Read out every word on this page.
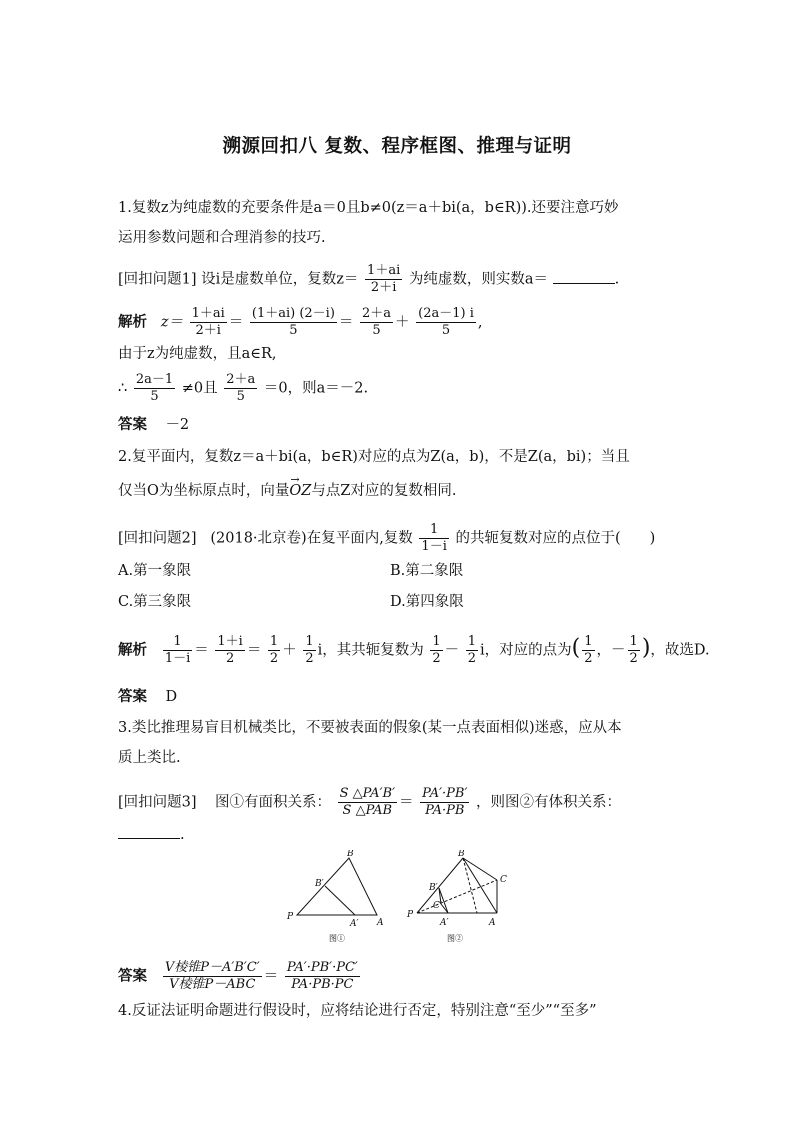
溯源回扣八 复数、程序框图、推理与证明
1.复数z为纯虚数的充要条件是a＝0且b≠0(z＝a＋bi(a，b∈R)).还要注意巧妙
运用参数问题和合理消参的技巧.
[回扣问题1] 设i是虚数单位，复数$z= \frac{1+ai}{2+i}$ 为纯虚数，则实数a＝	.
解析 $z= \frac{1+ai}{2+i} = \frac{(1+ai) (2-i)}{5} = \frac{2+a}{5} + \frac{(2a-1) i}{5}$ ,
由于z为纯虚数，且a∈R,
∴ $\frac{2a-1}{5} \ne 0$且 $\frac{2+a}{5} =0$，则a＝－2.
答案 －2
2.复平面内，复数z＝a＋bi(a，b∈R)对应的点为Z(a，b)，不是Z(a，bi)；当且
仅当O为坐标原点时，向量→ OZ与点Z对应的复数相同.
[回扣问题2] (2018·北京卷)在复平面内,复数 $\frac{1}{1-i}$ 的共轭复数对应的点位于(　　)
A.第一象限	B.第二象限
C.第三象限	D.第四象限
解析 $\frac{1}{1-i} = \frac{1+i}{2} = \frac{1}{2} + \frac{1}{2}$ i，其共轭复数为 $\frac{1}{2} - \frac{1}{2}$ i，对应的点为( $\frac{1}{2}$ ，－ $\frac{1}{2}$ )，故选D.
答案 D
3.类比推理易盲目机械类比，不要被表面的假象(某一点表面相似)迷惑，应从本
质上类比.
[回扣问题3] 图①有面积关系： $\frac{S \triangle PA'B'}{\text{S △PAB}} = \frac{PA'\cdot PB'}{PA\cdot PB}$ ，则图②有体积关系：
.
P
A
B
A′
B′
图①
P
A
B
C
A′
B′
C′
图②
答案 $\frac{\text{V棱锥P－A′B′C′}}{\text{V棱锥P－ABC}} = \frac{PA'\cdot PB'\cdot PC'}{PA\cdot PB\cdot PC}$
4.反证法证明命题进行假设时，应将结论进行否定，特别注意“至少”“至多”
